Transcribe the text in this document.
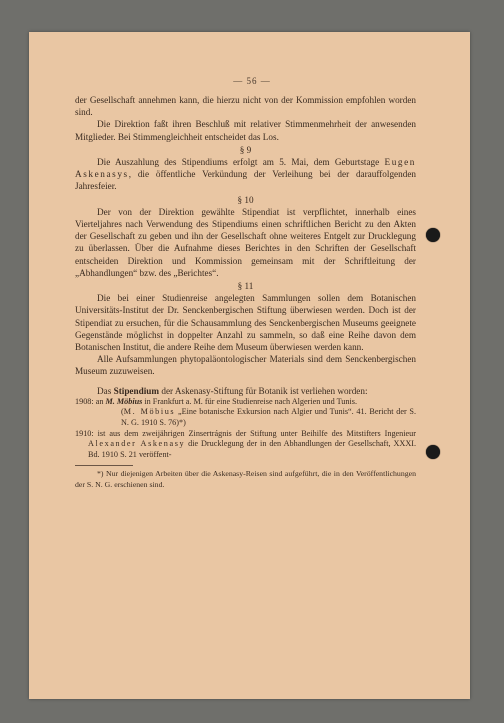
— 56 —

der Gesellschaft annehmen kann, die hierzu nicht von der Kommission empfohlen worden sind.

Die Direktion faßt ihren Beschluß mit relativer Stimmenmehrheit der anwesenden Mitglieder. Bei Stimmengleichheit entscheidet das Los.

§ 9

Die Auszahlung des Stipendiums erfolgt am 5. Mai, dem Geburtstage Eugen Askenasys, die öffentliche Verkündung der Verleihung bei der darauffolgenden Jahresfeier.

§ 10

Der von der Direktion gewählte Stipendiat ist verpflichtet, innerhalb eines Vierteljahres nach Verwendung des Stipendiums einen schriftlichen Bericht zu den Akten der Gesellschaft zu geben und ihn der Gesellschaft ohne weiteres Entgelt zur Drucklegung zu überlassen. Über die Aufnahme dieses Berichtes in den Schriften der Gesellschaft entscheiden Direktion und Kommission gemeinsam mit der Schriftleitung der „Abhandlungen“ bzw. des „Berichtes“.

§ 11

Die bei einer Studienreise angelegten Sammlungen sollen dem Botanischen Universitäts-Institut der Dr. Senckenbergischen Stiftung überwiesen werden. Doch ist der Stipendiat zu ersuchen, für die Schausammlung des Senckenbergischen Museums geeignete Gegenstände möglichst in doppelter Anzahl zu sammeln, so daß eine Reihe davon dem Botanischen Institut, die andere Reihe dem Museum überwiesen werden kann.

Alle Aufsammlungen phytopaläontologischer Materials sind dem Senckenbergischen Museum zuzuweisen.

Das Stipendium der Askenasy-Stiftung für Botanik ist verliehen worden:

1908: an M. Möbius in Frankfurt a. M. für eine Studienreise nach Algerien und Tunis.

(M. Möbius „Eine botanische Exkursion nach Algier und Tunis“. 41. Bericht der S. N. G. 1910 S. 76)*)

1910: ist aus dem zweijährigen Zinsertrágnis der Stiftung unter Beihilfe des Mitstifters Ingenieur Alexander Askenasy die Drucklegung der in den Abhandlungen der Gesellschaft, XXXI. Bd. 1910 S. 21 veröffent-

*) Nur diejenigen Arbeiten über die Askenasy-Reisen sind aufgeführt, die in den Veröffentlichungen der S. N. G. erschienen sind.
